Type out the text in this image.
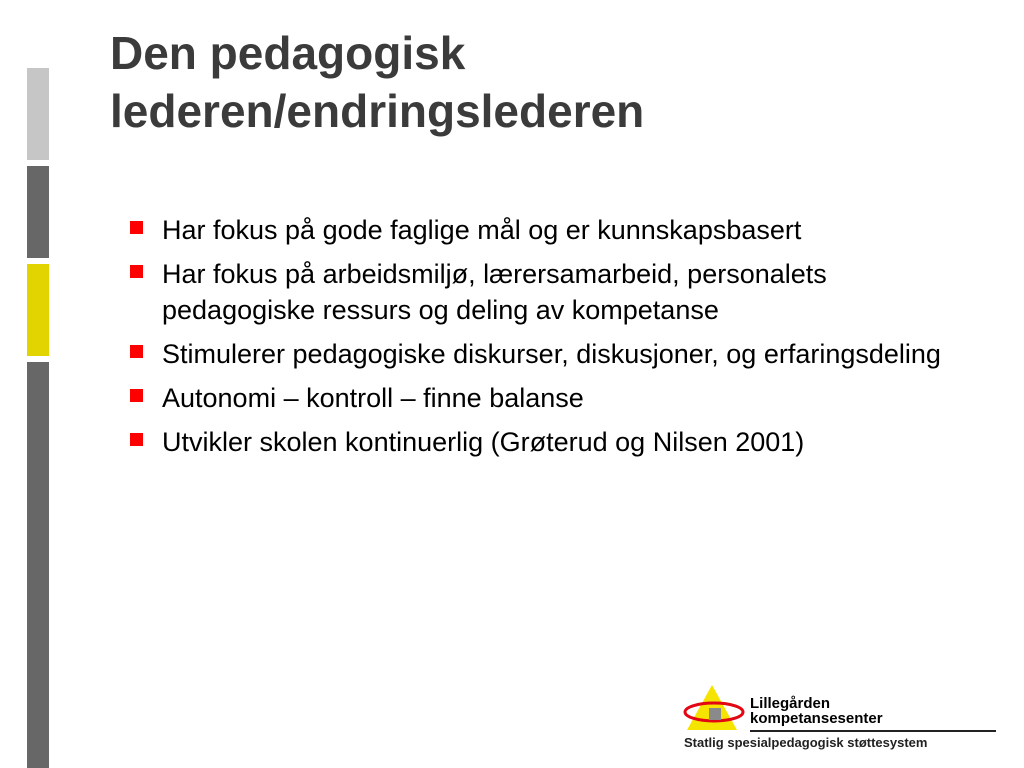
Den pedagogisk
lederen/endringslederen
Har fokus på gode faglige mål og er kunnskapsbasert
Har fokus på arbeidsmiljø, lærersamarbeid, personalets pedagogiske ressurs og deling av kompetanse
Stimulerer pedagogiske diskurser, diskusjoner, og erfaringsdeling
Autonomi – kontroll – finne balanse
Utvikler skolen kontinuerlig (Grøterud og Nilsen 2001)
Lillegården
kompetansesenter
Statlig spesialpedagogisk støttesystem
